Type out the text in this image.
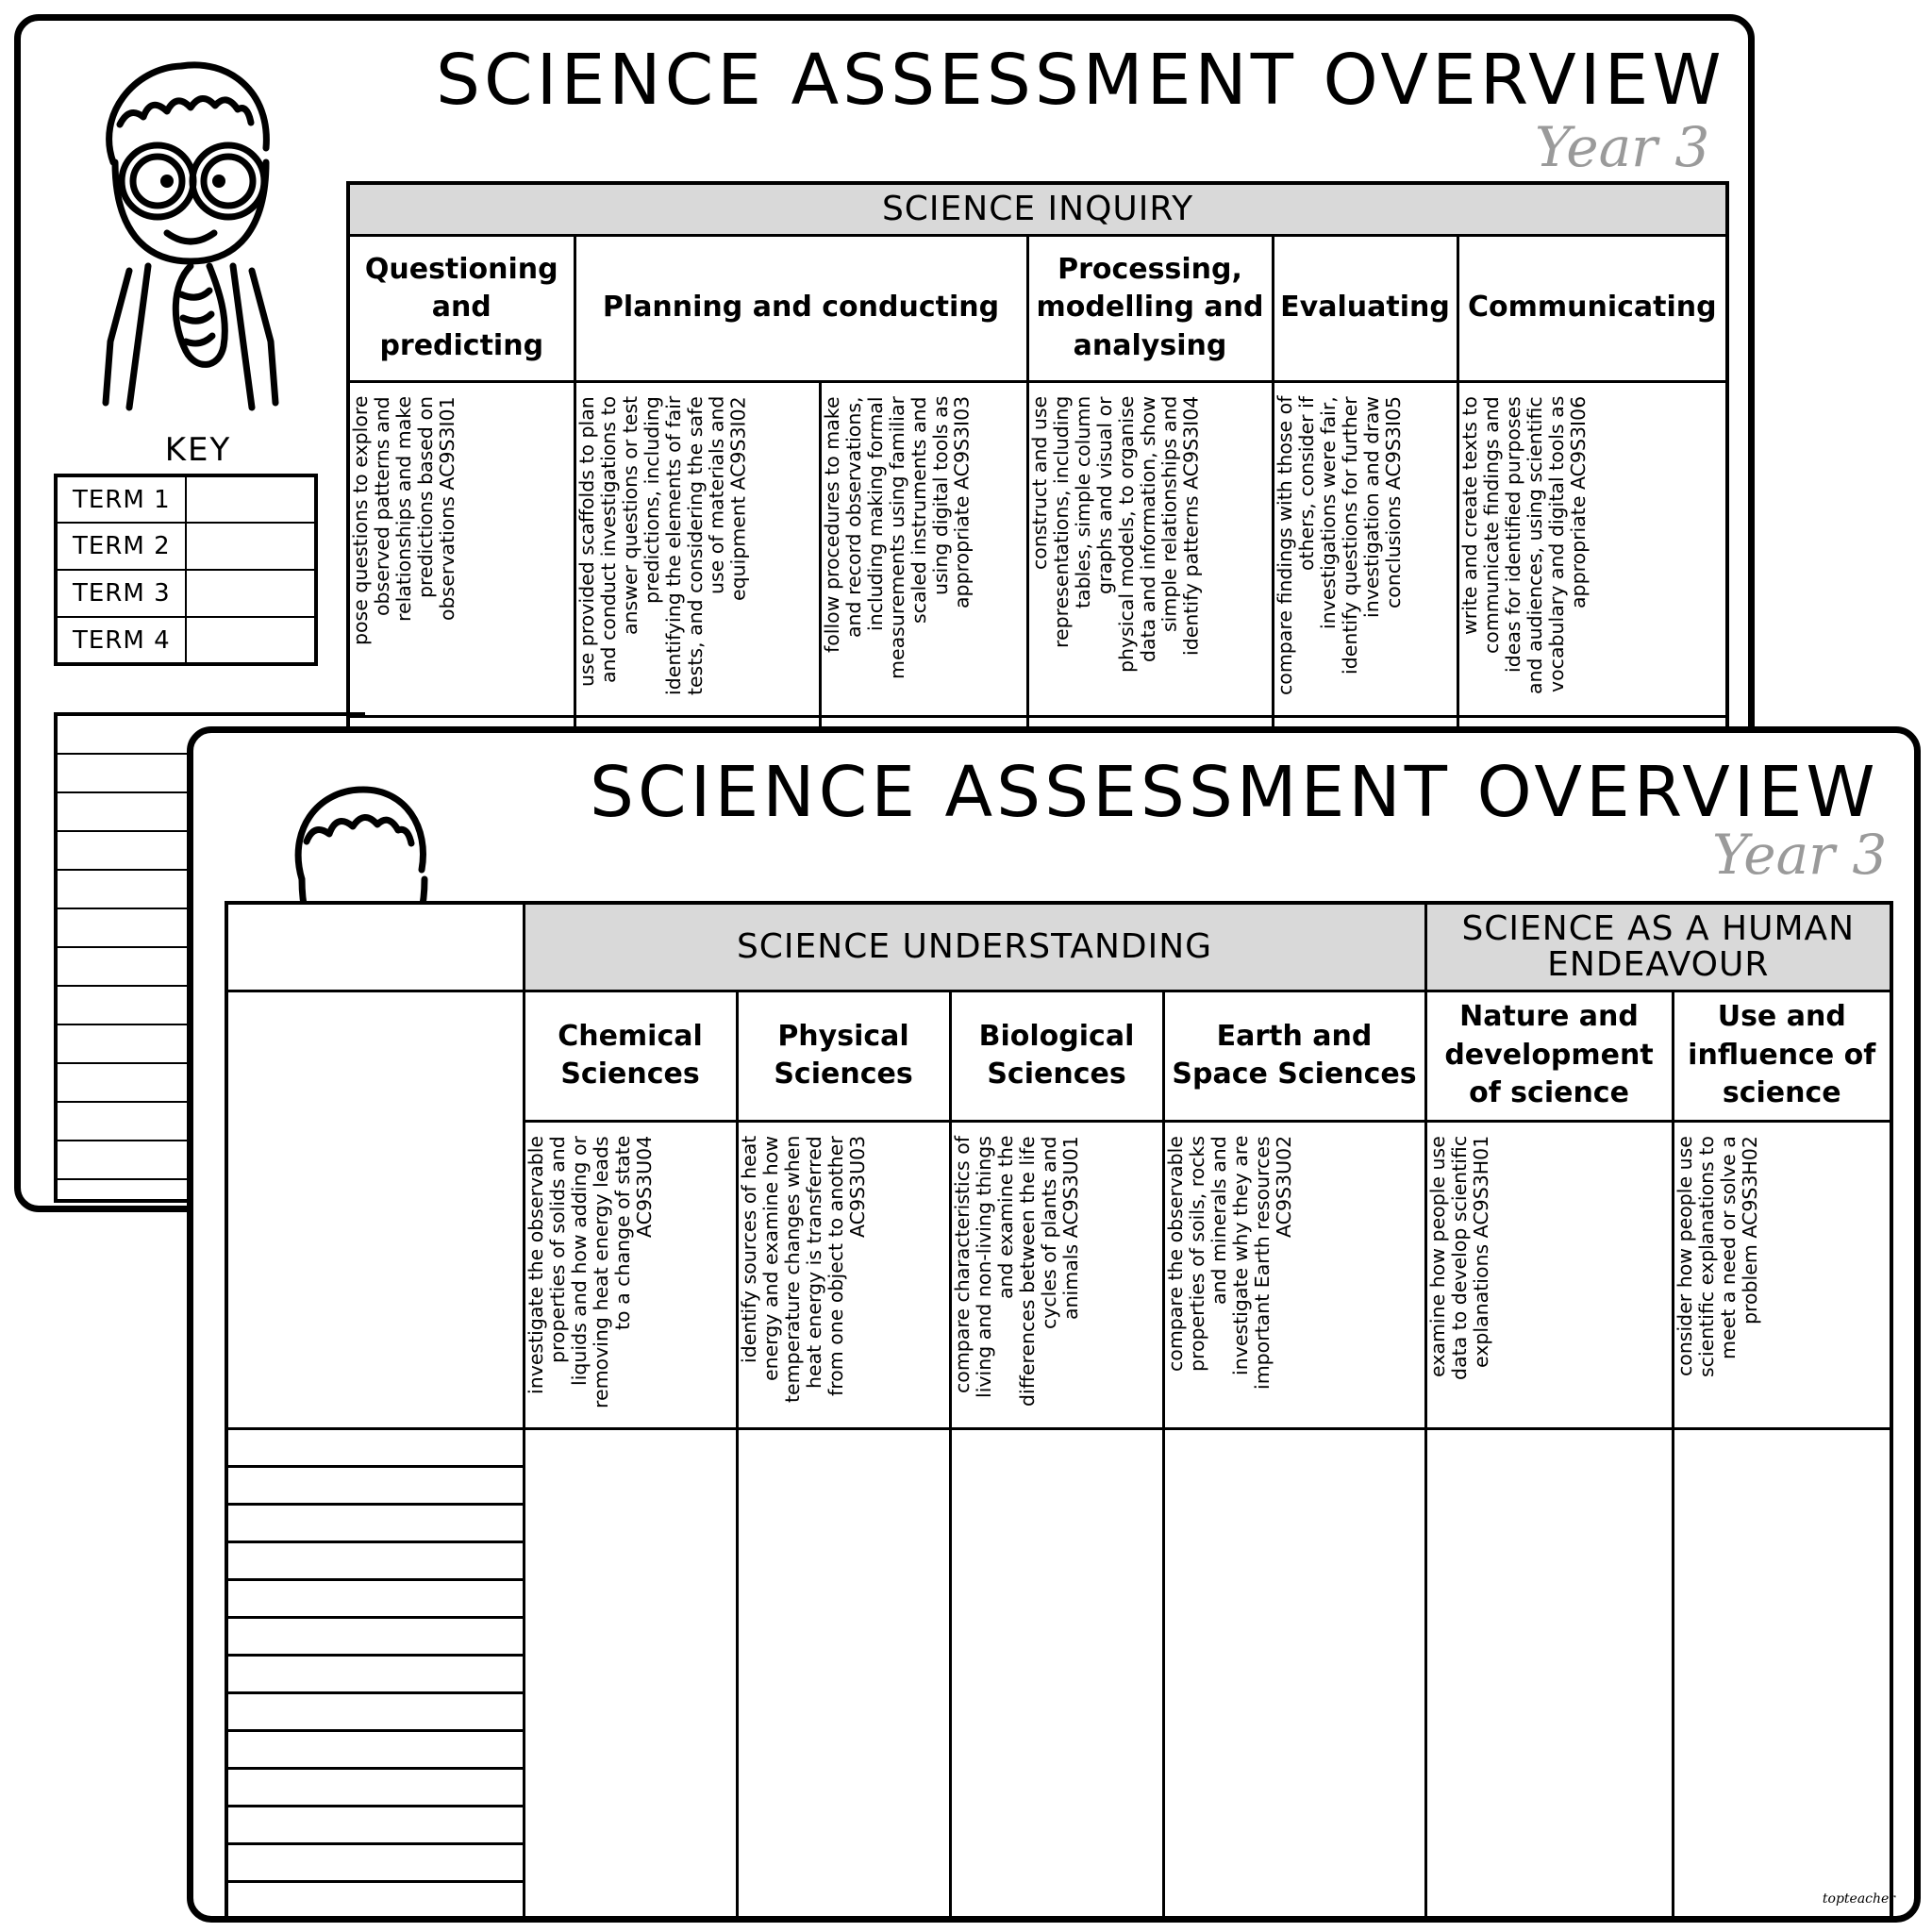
SCIENCE ASSESSMENT OVERVIEW
Year 3
KEY
TERM 1	
TERM 2	
TERM 3	
TERM 4	
SCIENCE INQUIRY					
Questioning and predicting	Planning and conducting		Processing, modelling and analysing	Evaluating	Communicating

pose questions to explore observed patterns and relationships and make predictions based on observations AC9S3I01	use provided scaffolds to plan and conduct investigations to answer questions or test predictions, including identifying the elements of fair tests, and considering the safe use of materials and equipment AC9S3I02	follow procedures to make and record observations, including making formal measurements using familiar scaled instruments and using digital tools as appropriate AC9S3I03	construct and use representations, including tables, simple column graphs and visual or physical models, to organise data and information, show simple relationships and identify patterns AC9S3I04	compare findings with those of others, consider if investigations were fair, identify questions for further investigation and draw conclusions AC9S3I05	write and create texts to communicate findings and ideas for identified purposes and audiences, using scientific vocabulary and digital tools as appropriate AC9S3I06

SCIENCE ASSESSMENT OVERVIEW
Year 3

	SCIENCE UNDERSTANDING				SCIENCE AS A HUMAN ENDEAVOUR	
	Chemical Sciences	Physical Sciences	Biological Sciences	Earth and Space Sciences	Nature and development of science	Use and influence of science

	investigate the observable properties of solids and liquids and how adding or removing heat energy leads to a change of state AC9S3U04	identify sources of heat energy and examine how temperature changes when heat energy is transferred from one object to another AC9S3U03	compare characteristics of living and non-living things and examine the differences between the life cycles of plants and animals AC9S3U01	compare the observable properties of soils, rocks and minerals and investigate why they are important Earth resources AC9S3U02	examine how people use data to develop scientific explanations AC9S3H01	consider how people use scientific explanations to meet a need or solve a problem AC9S3H02

topteacher
